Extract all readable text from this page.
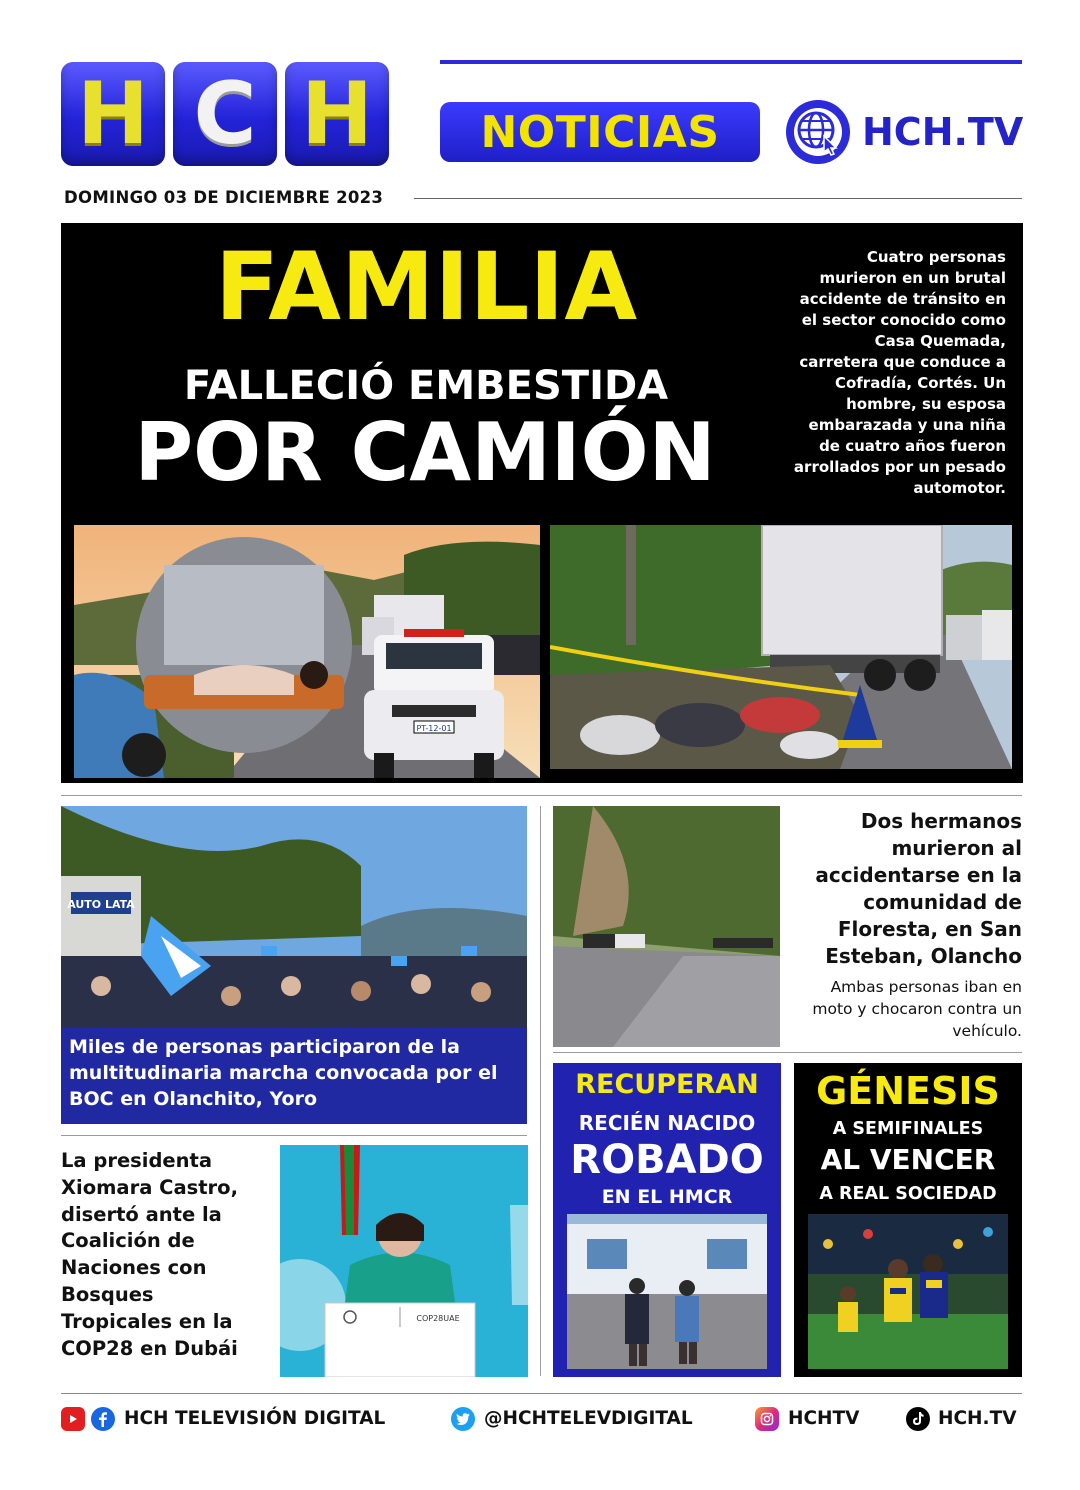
H C H	NOTICIAS	HCH.TV
DOMINGO 03 DE DICIEMBRE 2023
FAMILIA
FALLECIÓ EMBESTIDA
POR CAMIÓN
Cuatro personas murieron en un brutal accidente de tránsito en el sector conocido como Casa Quemada, carretera que conduce a Cofradía, Cortés. Un hombre, su esposa embarazada y una niña de cuatro años fueron arrollados por un pesado automotor.
PT-12-01
AUTO LATA
Miles de personas participaron de la multitudinaria marcha convocada por el BOC en Olanchito, Yoro
Dos hermanos murieron al accidentarse en la comunidad de Floresta, en San Esteban, Olancho
Ambas personas iban en moto y chocaron contra un vehículo.
La presidenta Xiomara Castro, disertó ante la Coalición de Naciones con Bosques Tropicales en la COP28 en Dubái
COP28UAE
RECUPERAN
RECIÉN NACIDO
ROBADO
EN EL HMCR
GÉNESIS
A SEMIFINALES
AL VENCER
A REAL SOCIEDAD
HCH TELEVISIÓN DIGITAL	@HCHTELEVDIGITAL	HCHTV	HCH.TV
